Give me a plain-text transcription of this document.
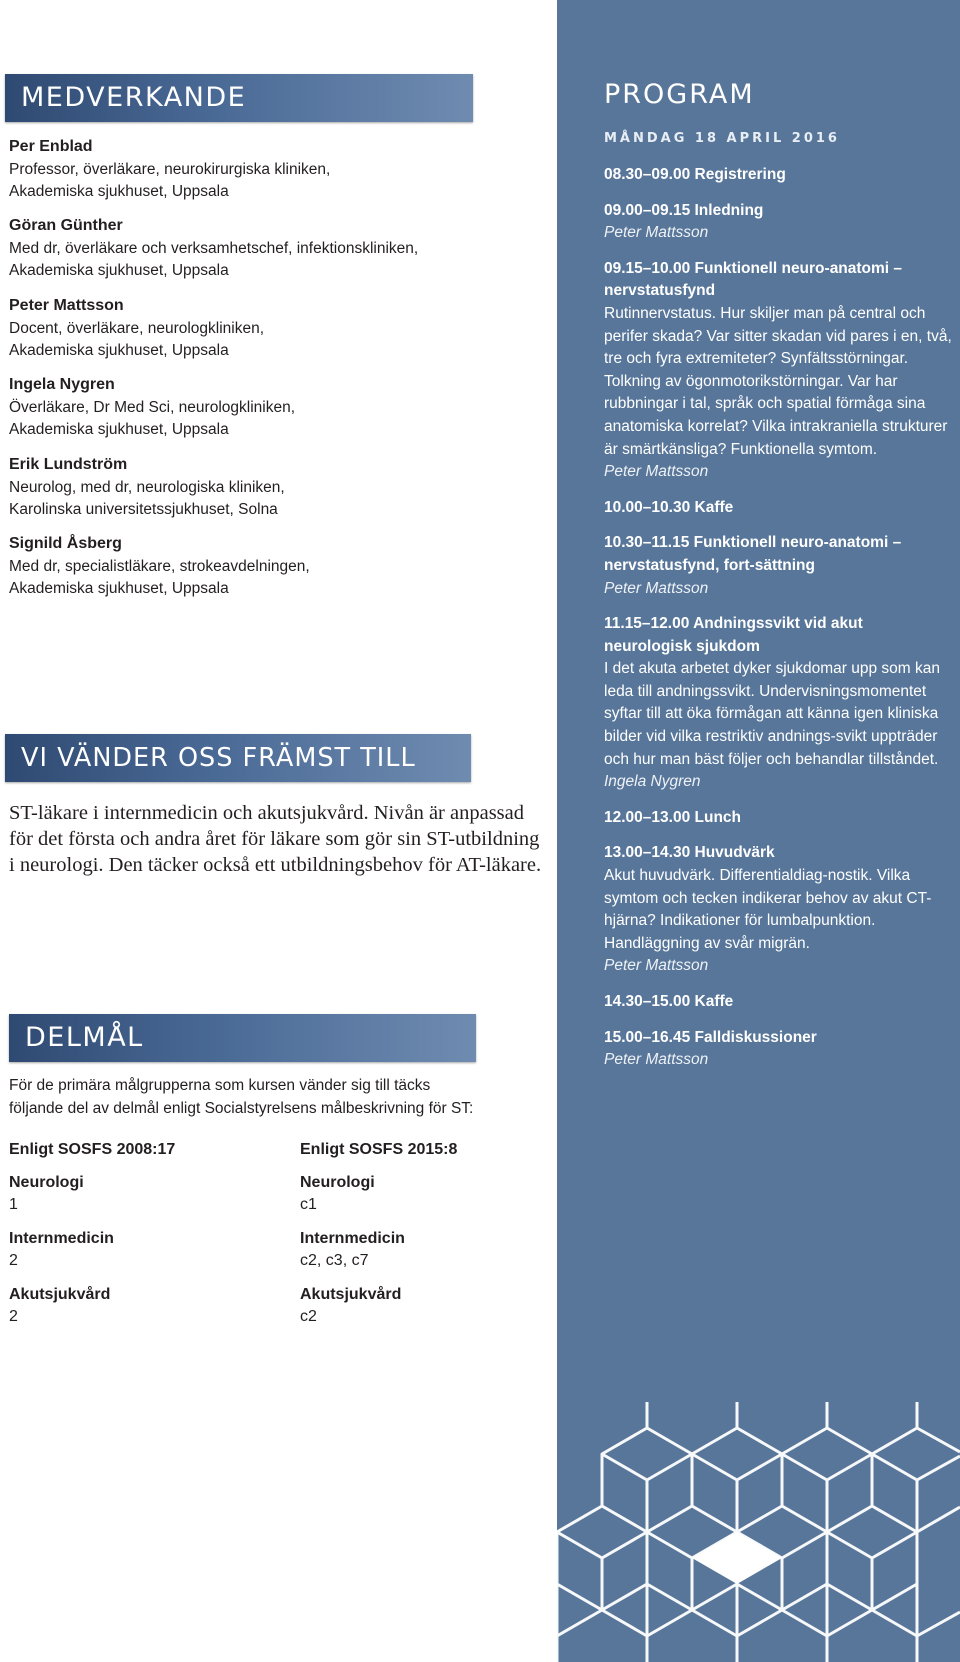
MEDVERKANDE
Per Enblad
Professor, överläkare, neurokirurgiska kliniken,
Akademiska sjukhuset, Uppsala
Göran Günther
Med dr, överläkare och verksamhetschef, infektionskliniken,
Akademiska sjukhuset, Uppsala
Peter Mattsson
Docent, överläkare, neurologkliniken,
Akademiska sjukhuset, Uppsala
Ingela Nygren
Överläkare, Dr Med Sci, neurologkliniken,
Akademiska sjukhuset, Uppsala
Erik Lundström
Neurolog, med dr, neurologiska kliniken,
Karolinska universitetssjukhuset, Solna
Signild Åsberg
Med dr, specialistläkare, strokeavdelningen,
Akademiska sjukhuset, Uppsala
VI VÄNDER OSS FRÄMST TILL
ST-läkare i internmedicin och akutsjukvård. Nivån är anpassad för det första och andra året för läkare som gör sin ST-utbildning i neurologi. Den täcker också ett utbildningsbehov för AT-läkare.
DELMÅL
För de primära målgrupperna som kursen vänder sig till täcks
följande del av delmål enligt Socialstyrelsens målbeskrivning för ST:
Enligt SOSFS 2008:17
Neurologi
1
Internmedicin
2
Akutsjukvård
2
Enligt SOSFS 2015:8
Neurologi
c1
Internmedicin
c2, c3, c7
Akutsjukvård
c2
PROGRAM
MÅNDAG 18 APRIL 2016
08.30–09.00 Registrering
09.00–09.15 Inledning
Peter Mattsson
09.15–10.00 Funktionell neuro-anatomi – nervstatusfynd
Rutinnervstatus. Hur skiljer man på central och perifer skada? Var sitter skadan vid pares i en, två, tre och fyra extremiteter? Synfältsstörningar. Tolkning av ögonmotorikstörningar. Var har rubbningar i tal, språk och spatial förmåga sina anatomiska korrelat? Vilka intrakraniella strukturer är smärtkänsliga? Funktionella symtom.
Peter Mattsson
10.00–10.30 Kaffe
10.30–11.15 Funktionell neuro-anatomi – nervstatusfynd, fort-sättning
Peter Mattsson
11.15–12.00 Andningssvikt vid akut neurologisk sjukdom
I det akuta arbetet dyker sjukdomar upp som kan leda till andningssvikt. Undervisningsmomentet syftar till att öka förmågan att känna igen kliniska bilder vid vilka restriktiv andnings-svikt uppträder och hur man bäst följer och behandlar tillståndet.
Ingela Nygren
12.00–13.00 Lunch
13.00–14.30 Huvudvärk
Akut huvudvärk. Differentialdiag-nostik. Vilka symtom och tecken indikerar behov av akut CT- hjärna? Indikationer för lumbalpunktion. Handläggning av svår migrän.
Peter Mattsson
14.30–15.00 Kaffe
15.00–16.45 Falldiskussioner
Peter Mattsson
